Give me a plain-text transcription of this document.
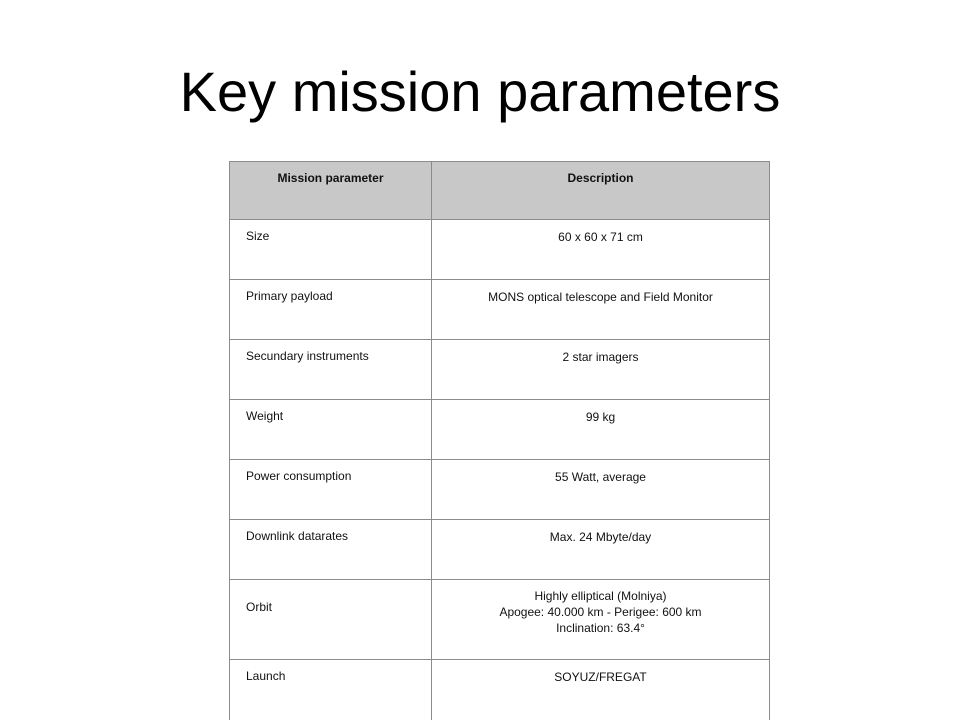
Key mission parameters
Mission parameter	Description
Size	60 x 60 x 71 cm

Primary payload	MONS optical telescope and Field Monitor

Secundary instruments	2 star imagers

Weight	99 kg

Power consumption	55 Watt, average

Downlink datarates	Max. 24 Mbyte/day

Orbit	Highly elliptical (Molniya)
Apogee: 40.000 km - Perigee: 600 km
Inclination: 63.4°

Launch	SOYUZ/FREGAT
